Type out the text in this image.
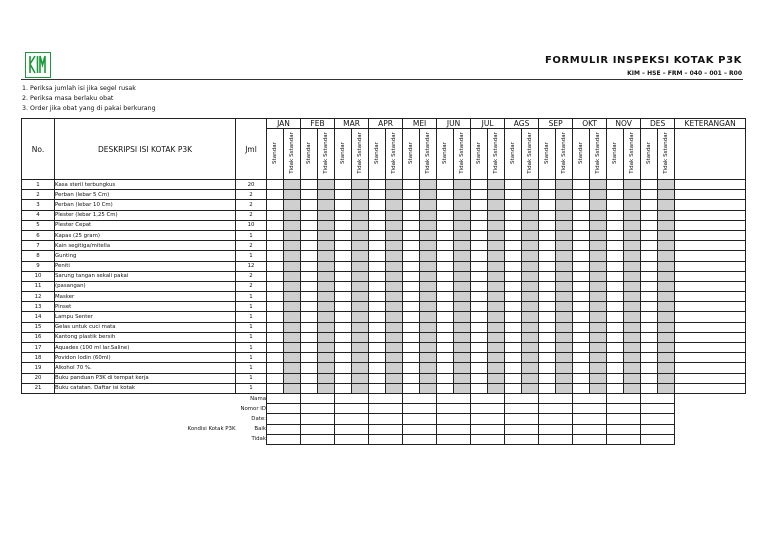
FORMULIR INSPEKSI KOTAK P3K
KIM – HSE – FRM – 040 – 001 – R00
1. Periksa jumlah isi jika segel rusak
2. Periksa masa berlaku obat
3. Order jika obat yang di pakai berkurang
No.	DESKRIPSI ISI KOTAK P3K	Jml	JAN		FEB		MAR		APR		MEI		JUN		JUL		AGS		SEP		OKT		NOV		DES		KETERANGAN
			Standar	Tidak Sstandar	Standar	Tidak Sstandar	Standar	Tidak Sstandar	Standar	Tidak Sstandar	Standar	Tidak Sstandar	Standar	Tidak Sstandar	Standar	Tidak Sstandar	Standar	Tidak Sstandar	Standar	Tidak Sstandar	Standar	Tidak Sstandar	Standar	Tidak Sstandar	Standar	Tidak Sstandar	
1	Kasa steril terbungkus	20																									
2	Perban (lebar 5 Cm)	2																									
3	Perban (lebar 10 Cm)	2																									
4	Plester (lebar 1,25 Cm)	2																									
5	Plester Cepat	10																									
6	Kapas (25 gram)	1																									
7	Kain segitiga/mitella	2																									
8	Gunting	1																									
9	Peniti	12																									
10	Sarung tangan sekali pakai	2																									
11	(pasangan)	2																									
12	Masker	1																									
13	Pinset	1																									
14	Lampu Senter	1																									
15	Gelas untuk cuci mata	1																									
16	Kantong plastik bersih	1																									
17	Aquades (100 ml lar.Saline)	1																									
18	Povidon Iodin (60ml)	1																									
19	Alkohol 70 %.	1																									
20	Buku panduan P3K di tempat kerja	1																									
21	Buku catatan. Daftar isi kotak	1																									
Nama																											
Nomor ID																											
Date:																											
Kondisi Kotak P3K		Baik																									
Tidak																											
